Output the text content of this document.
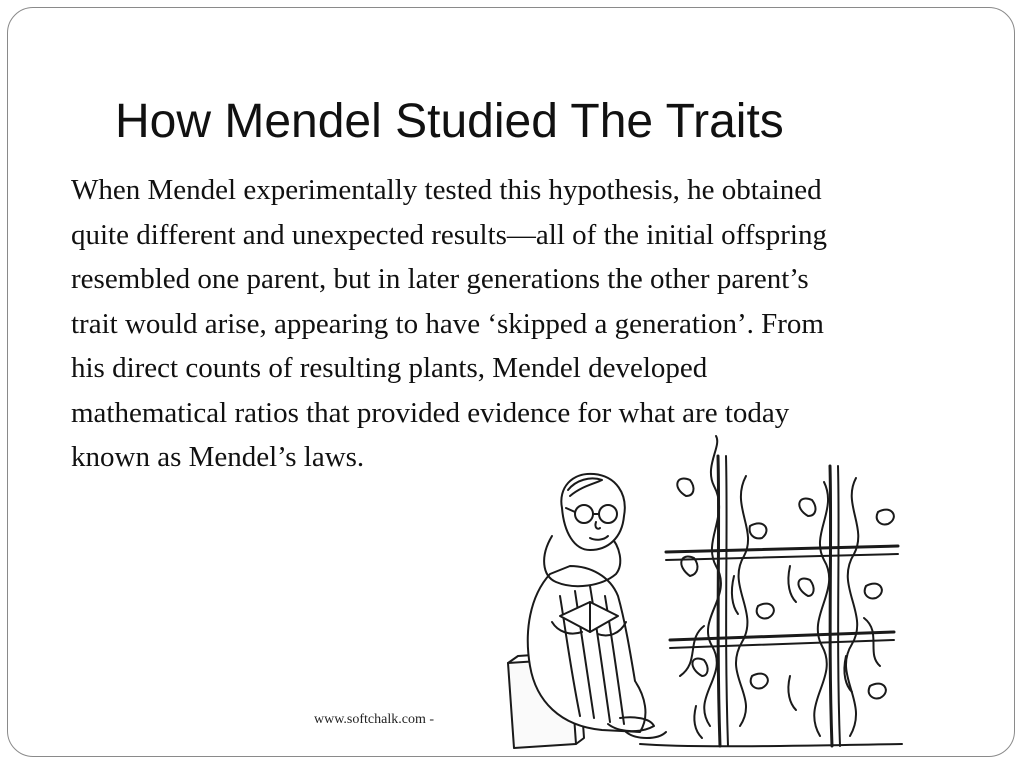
How Mendel Studied The Traits
When Mendel experimentally tested this hypothesis, he obtained
quite different and unexpected results—all of the initial offspring
resembled one parent, but in later generations the other parent’s
trait would arise, appearing to have ‘skipped a generation’. From
his direct counts of resulting plants, Mendel developed
mathematical ratios that provided evidence for what are today
known as Mendel’s laws.
www.softchalk.com -
